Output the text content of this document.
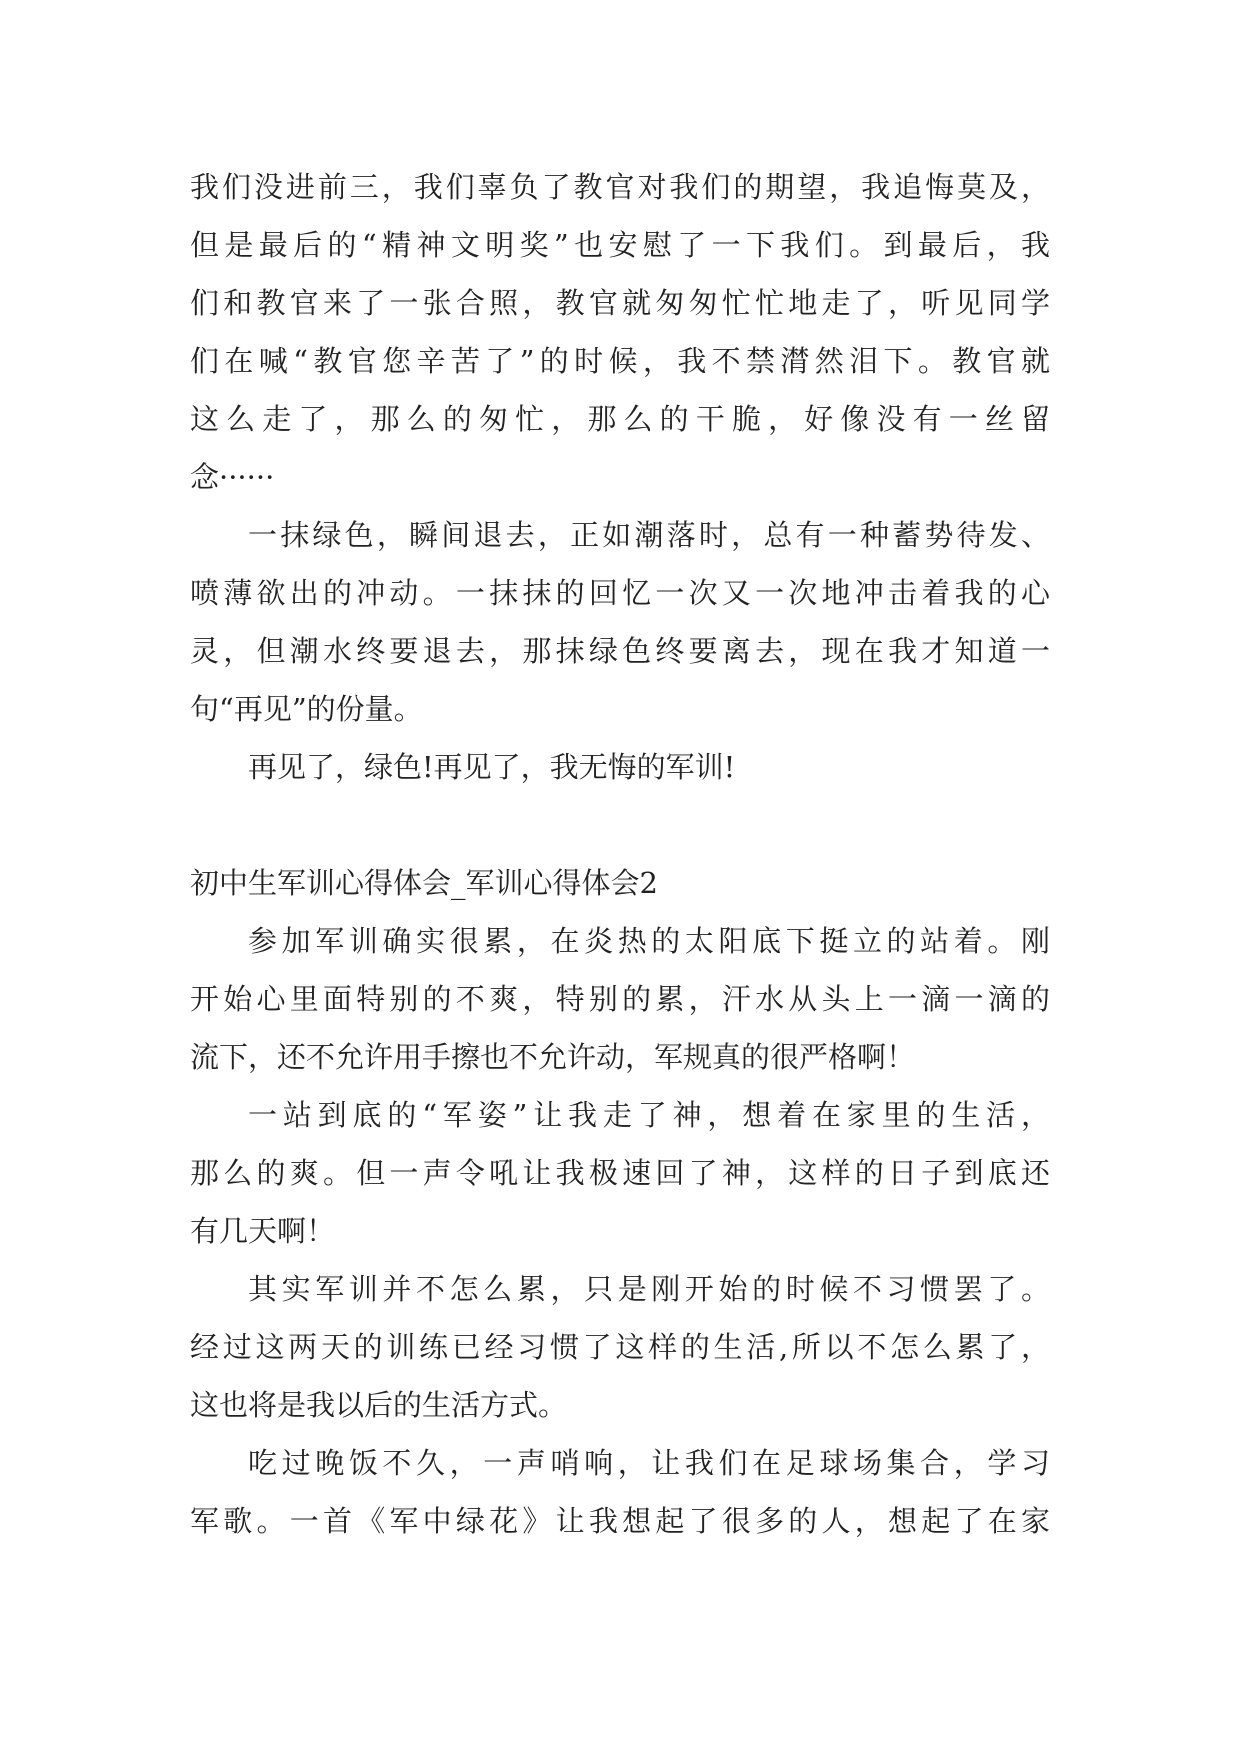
我们没进前三，我们辜负了教官对我们的期望，我追悔莫及，
但是最后的“精神文明奖”也安慰了一下我们。到最后，我
们和教官来了一张合照，教官就匆匆忙忙地走了，听见同学
们在喊“教官您辛苦了”的时候，我不禁潸然泪下。教官就
这么走了，那么的匆忙，那么的干脆，好像没有一丝留
念······
一抹绿色，瞬间退去，正如潮落时，总有一种蓄势待发、
喷薄欲出的冲动。一抹抹的回忆一次又一次地冲击着我的心
灵，但潮水终要退去，那抹绿色终要离去，现在我才知道一
句“再见”的份量。
再见了，绿色!再见了，我无悔的军训!
初中生军训心得体会_军训心得体会2
参加军训确实很累，在炎热的太阳底下挺立的站着。刚
开始心里面特别的不爽，特别的累，汗水从头上一滴一滴的
流下，还不允许用手擦也不允许动，军规真的很严格啊！
一站到底的“军姿”让我走了神，想着在家里的生活，
那么的爽。但一声令吼让我极速回了神，这样的日子到底还
有几天啊！
其实军训并不怎么累，只是刚开始的时候不习惯罢了。
经过这两天的训练已经习惯了这样的生活,所以不怎么累了，
这也将是我以后的生活方式。
吃过晚饭不久，一声哨响，让我们在足球场集合，学习
军歌。一首《军中绿花》让我想起了很多的人，想起了在家
